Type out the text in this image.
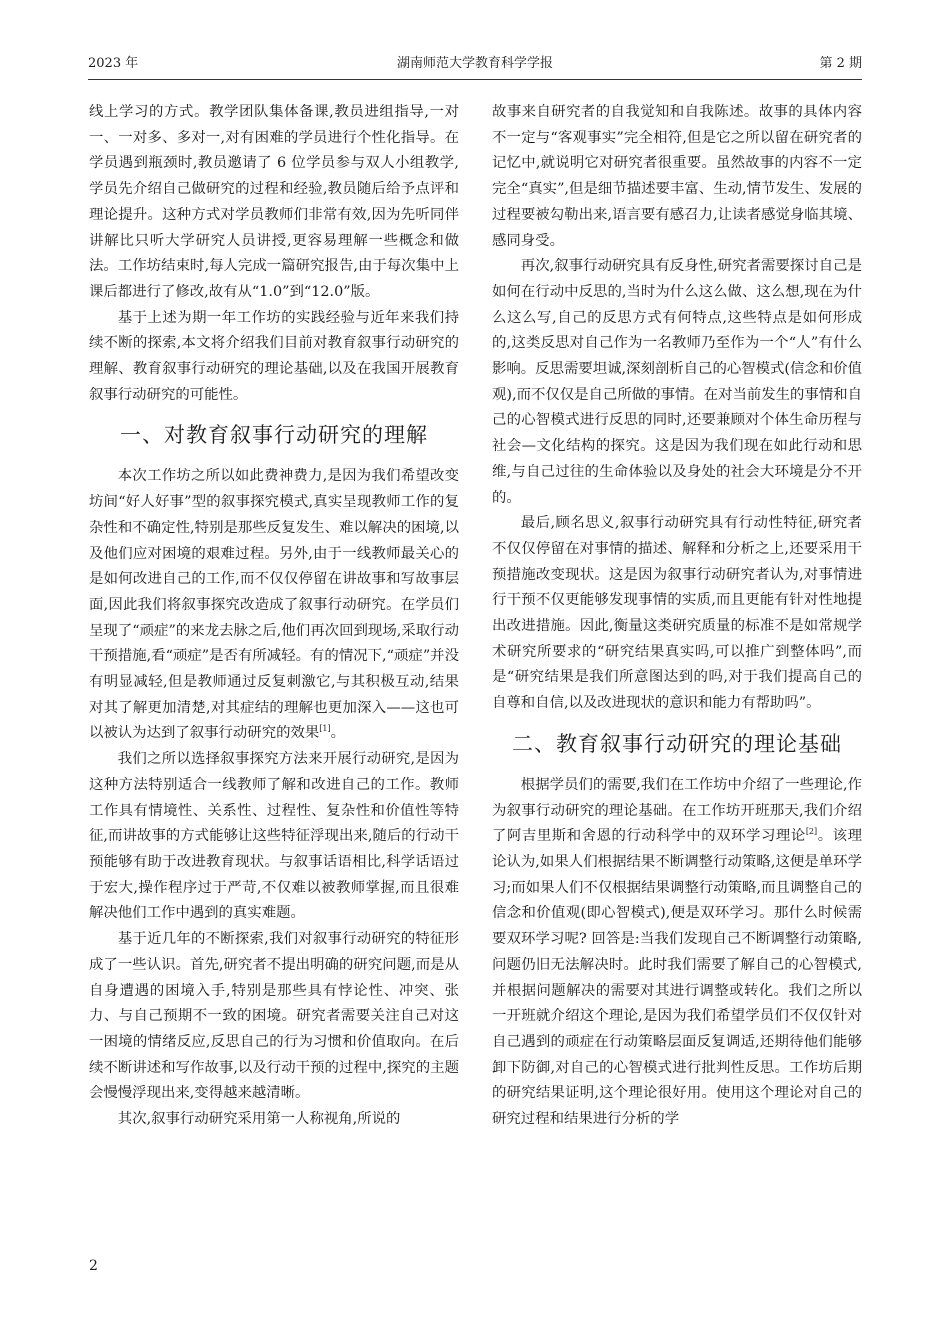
2023 年	湖南师范大学教育科学学报	第 2 期

线上学习的方式。教学团队集体备课,教员进组指导,一对一、一对多、多对一,对有困难的学员进行个性化指导。在学员遇到瓶颈时,教员邀请了 6 位学员参与双人小组教学,学员先介绍自己做研究的过程和经验,教员随后给予点评和理论提升。这种方式对学员教师们非常有效,因为先听同伴讲解比只听大学研究人员讲授,更容易理解一些概念和做法。工作坊结束时,每人完成一篇研究报告,由于每次集中上课后都进行了修改,故有从“1.0”到“12.0”版。

基于上述为期一年工作坊的实践经验与近年来我们持续不断的探索,本文将介绍我们目前对教育叙事行动研究的理解、教育叙事行动研究的理论基础,以及在我国开展教育叙事行动研究的可能性。

一、对教育叙事行动研究的理解

本次工作坊之所以如此费神费力,是因为我们希望改变坊间“好人好事”型的叙事探究模式,真实呈现教师工作的复杂性和不确定性,特别是那些反复发生、难以解决的困境,以及他们应对困境的艰难过程。另外,由于一线教师最关心的是如何改进自己的工作,而不仅仅停留在讲故事和写故事层面,因此我们将叙事探究改造成了叙事行动研究。在学员们呈现了“顽症”的来龙去脉之后,他们再次回到现场,采取行动干预措施,看“顽症”是否有所减轻。有的情况下,“顽症”并没有明显减轻,但是教师通过反复刺激它,与其积极互动,结果对其了解更加清楚,对其症结的理解也更加深入——这也可以被认为达到了叙事行动研究的效果[1]。

我们之所以选择叙事探究方法来开展行动研究,是因为这种方法特别适合一线教师了解和改进自己的工作。教师工作具有情境性、关系性、过程性、复杂性和价值性等特征,而讲故事的方式能够让这些特征浮现出来,随后的行动干预能够有助于改进教育现状。与叙事话语相比,科学话语过于宏大,操作程序过于严苛,不仅难以被教师掌握,而且很难解决他们工作中遇到的真实难题。

基于近几年的不断探索,我们对叙事行动研究的特征形成了一些认识。首先,研究者不提出明确的研究问题,而是从自身遭遇的困境入手,特别是那些具有悖论性、冲突、张力、与自己预期不一致的困境。研究者需要关注自己对这一困境的情绪反应,反思自己的行为习惯和价值取向。在后续不断讲述和写作故事,以及行动干预的过程中,探究的主题会慢慢浮现出来,变得越来越清晰。

其次,叙事行动研究采用第一人称视角,所说的

故事来自研究者的自我觉知和自我陈述。故事的具体内容不一定与“客观事实”完全相符,但是它之所以留在研究者的记忆中,就说明它对研究者很重要。虽然故事的内容不一定完全“真实”,但是细节描述要丰富、生动,情节发生、发展的过程要被勾勒出来,语言要有感召力,让读者感觉身临其境、感同身受。

再次,叙事行动研究具有反身性,研究者需要探讨自己是如何在行动中反思的,当时为什么这么做、这么想,现在为什么这么写,自己的反思方式有何特点,这些特点是如何形成的,这类反思对自己作为一名教师乃至作为一个“人”有什么影响。反思需要坦诚,深刻剖析自己的心智模式(信念和价值观),而不仅仅是自己所做的事情。在对当前发生的事情和自己的心智模式进行反思的同时,还要兼顾对个体生命历程与社会—文化结构的探究。这是因为我们现在如此行动和思维,与自己过往的生命体验以及身处的社会大环境是分不开的。

最后,顾名思义,叙事行动研究具有行动性特征,研究者不仅仅停留在对事情的描述、解释和分析之上,还要采用干预措施改变现状。这是因为叙事行动研究者认为,对事情进行干预不仅更能够发现事情的实质,而且更能有针对性地提出改进措施。因此,衡量这类研究质量的标准不是如常规学术研究所要求的“研究结果真实吗,可以推广到整体吗”,而是“研究结果是我们所意图达到的吗,对于我们提高自己的自尊和自信,以及改进现状的意识和能力有帮助吗”。

二、教育叙事行动研究的理论基础

根据学员们的需要,我们在工作坊中介绍了一些理论,作为叙事行动研究的理论基础。在工作坊开班那天,我们介绍了阿吉里斯和舍恩的行动科学中的双环学习理论[2]。该理论认为,如果人们根据结果不断调整行动策略,这便是单环学习;而如果人们不仅根据结果调整行动策略,而且调整自己的信念和价值观(即心智模式),便是双环学习。那什么时候需要双环学习呢? 回答是:当我们发现自己不断调整行动策略,问题仍旧无法解决时。此时我们需要了解自己的心智模式,并根据问题解决的需要对其进行调整或转化。我们之所以一开班就介绍这个理论,是因为我们希望学员们不仅仅针对自己遇到的顽症在行动策略层面反复调适,还期待他们能够卸下防御,对自己的心智模式进行批判性反思。工作坊后期的研究结果证明,这个理论很好用。使用这个理论对自己的研究过程和结果进行分析的学

2
